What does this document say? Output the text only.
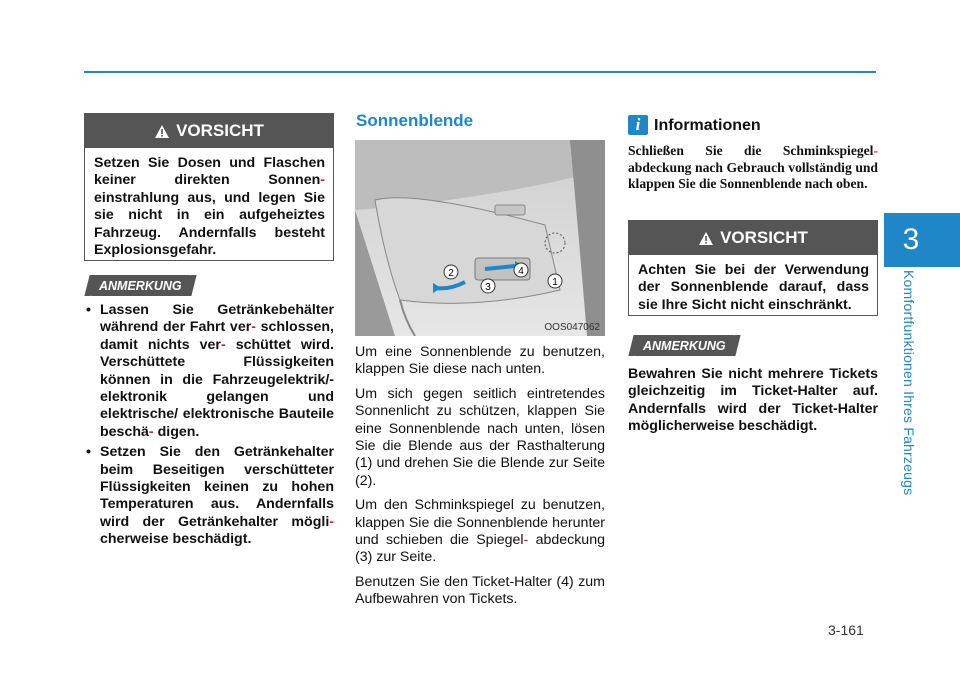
3
Komfortfunktionen Ihres Fahrzeugs
VORSICHT
Setzen Sie Dosen und Flaschen keiner direkten Sonnen- einstrahlung aus, und legen Sie sie nicht in ein aufgeheiztes Fahrzeug. Andernfalls besteht Explosionsgefahr.
ANMERKUNG
• Lassen Sie Getränkebehälter während der Fahrt ver- schlossen, damit nichts ver- schüttet wird. Verschüttete Flüssigkeiten können in die Fahrzeugelektrik/-elektronik gelangen und elektrische/ elektronische Bauteile beschä- digen.
• Setzen Sie den Getränkehalter beim Beseitigen verschütteter Flüssigkeiten keinen zu hohen Temperaturen aus. Andernfalls wird der Getränkehalter mögli- cherweise beschädigt.
Sonnenblende
2
1
3
4
OOS047062

Um eine Sonnenblende zu benutzen, klappen Sie diese nach unten.

Um sich gegen seitlich eintretendes Sonnenlicht zu schützen, klappen Sie eine Sonnenblende nach unten, lösen Sie die Blende aus der Rasthalterung (1) und drehen Sie die Blende zur Seite (2).

Um den Schminkspiegel zu benutzen, klappen Sie die Sonnenblende herunter und schieben die Spiegel- abdeckung (3) zur Seite.

Benutzen Sie den Ticket-Halter (4) zum Aufbewahren von Tickets.

i Informationen
Schließen Sie die Schminkspiegel- abdeckung nach Gebrauch vollständig und klappen Sie die Sonnenblende nach oben.
VORSICHT
Achten Sie bei der Verwendung der Sonnenblende darauf, dass sie Ihre Sicht nicht einschränkt.
ANMERKUNG
Bewahren Sie nicht mehrere Tickets gleichzeitig im Ticket-Halter auf. Andernfalls wird der Ticket-Halter möglicherweise beschädigt.
3-161
